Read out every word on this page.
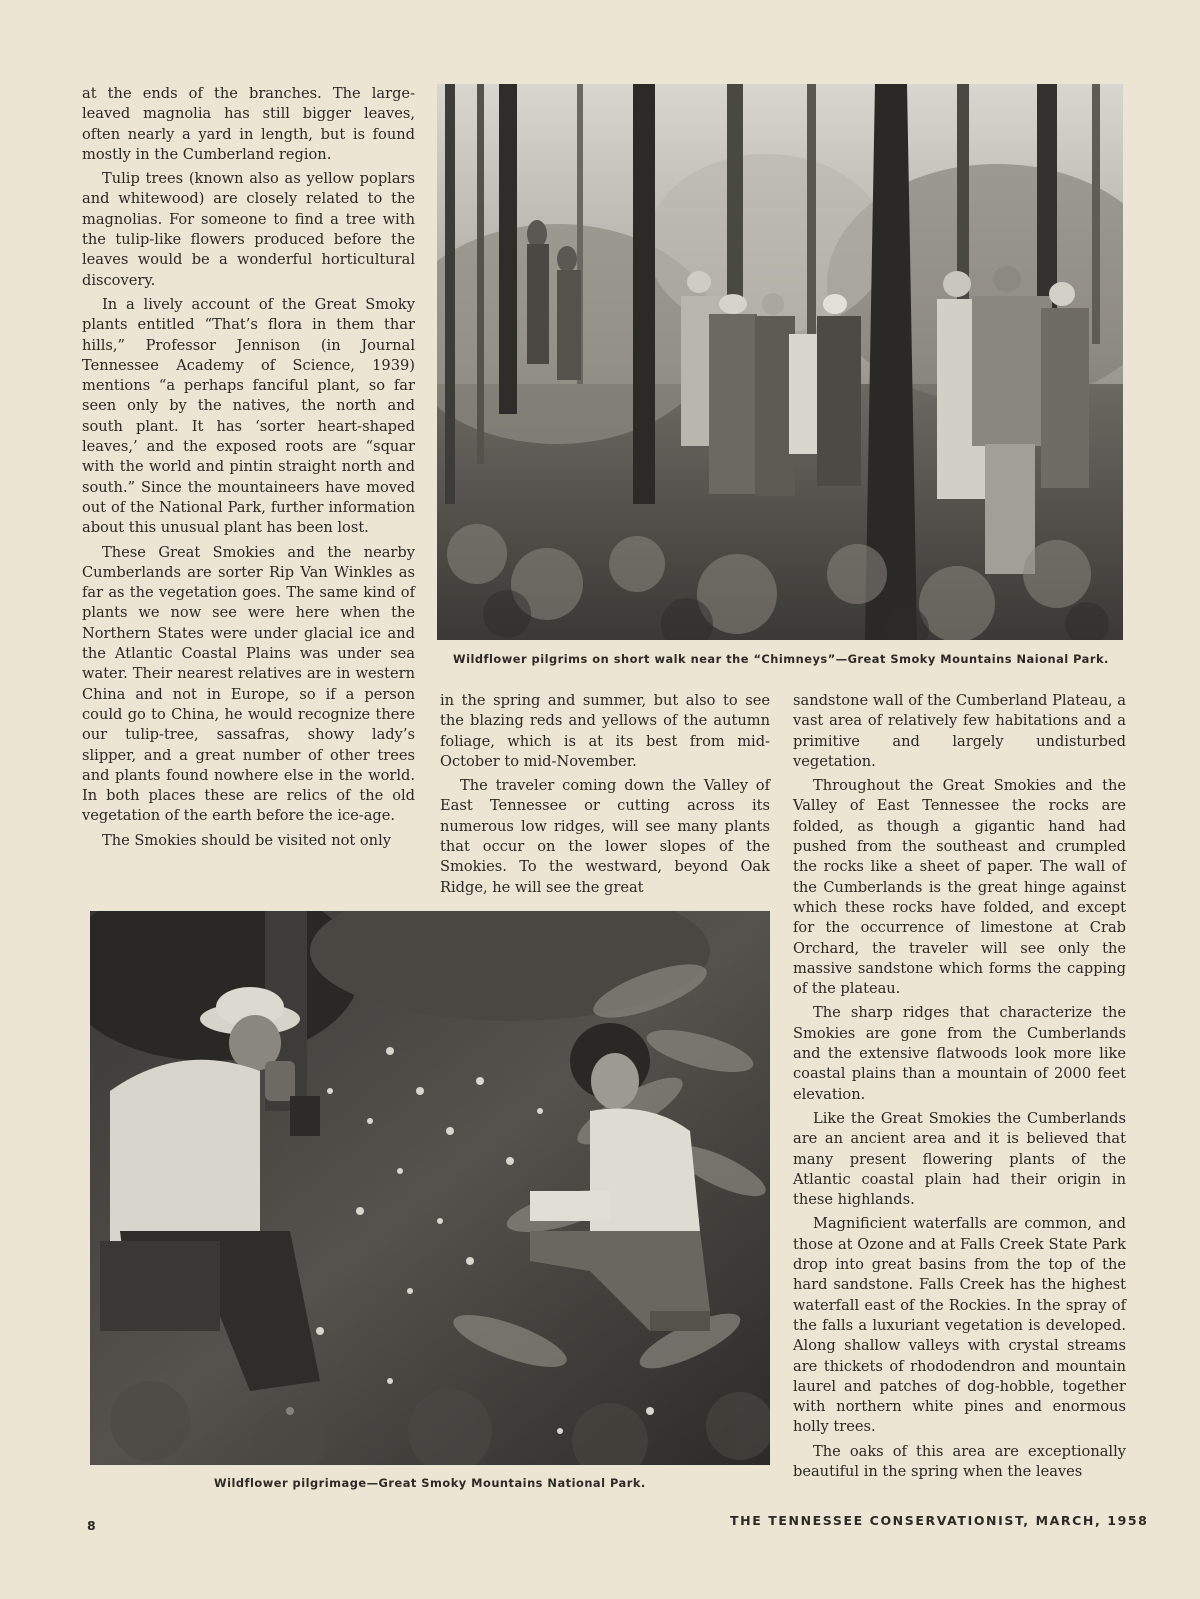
at the ends of the branches. The large-leaved magnolia has still bigger leaves, often nearly a yard in length, but is found mostly in the Cumberland region.

Tulip trees (known also as yellow poplars and whitewood) are closely related to the magnolias. For someone to find a tree with the tulip-like flowers produced before the leaves would be a wonderful horticultural discovery.

In a lively account of the Great Smoky plants entitled “That’s flora in them thar hills,” Professor Jennison (in Journal Tennessee Academy of Science, 1939) mentions “a perhaps fanciful plant, so far seen only by the natives, the north and south plant. It has ‘sorter heart-shaped leaves,’ and the exposed roots are “squar with the world and pintin straight north and south.” Since the mountaineers have moved out of the National Park, further information about this unusual plant has been lost.

These Great Smokies and the nearby Cumberlands are sorter Rip Van Winkles as far as the vegetation goes. The same kind of plants we now see were here when the Northern States were under glacial ice and the Atlantic Coastal Plains was under sea water. Their nearest relatives are in western China and not in Europe, so if a person could go to China, he would recognize there our tulip-tree, sassafras, showy lady’s slipper, and a great number of other trees and plants found nowhere else in the world. In both places these are relics of the old vegetation of the earth before the ice-age.

The Smokies should be visited not only

Wildflower pilgrims on short walk near the “Chimneys”—Great Smoky Mountains Naional Park.

in the spring and summer, but also to see the blazing reds and yellows of the autumn foliage, which is at its best from mid-October to mid-November.

The traveler coming down the Valley of East Tennessee or cutting across its numerous low ridges, will see many plants that occur on the lower slopes of the Smokies. To the westward, beyond Oak Ridge, he will see the great

sandstone wall of the Cumberland Plateau, a vast area of relatively few habitations and a primitive and largely undisturbed vegetation.

Throughout the Great Smokies and the Valley of East Tennessee the rocks are folded, as though a gigantic hand had pushed from the southeast and crumpled the rocks like a sheet of paper. The wall of the Cumberlands is the great hinge against which these rocks have folded, and except for the occurrence of limestone at Crab Orchard, the traveler will see only the massive sandstone which forms the capping of the plateau.

The sharp ridges that characterize the Smokies are gone from the Cumberlands and the extensive flatwoods look more like coastal plains than a mountain of 2000 feet elevation.

Like the Great Smokies the Cumberlands are an ancient area and it is believed that many present flowering plants of the Atlantic coastal plain had their origin in these highlands.

Magnificient waterfalls are common, and those at Ozone and at Falls Creek State Park drop into great basins from the top of the hard sandstone. Falls Creek has the highest waterfall east of the Rockies. In the spray of the falls a luxuriant vegetation is developed. Along shallow valleys with crystal streams are thickets of rhododendron and mountain laurel and patches of dog-hobble, together with northern white pines and enormous holly trees.

The oaks of this area are exceptionally beautiful in the spring when the leaves

Wildflower pilgrimage—Great Smoky Mountains National Park.
8	THE TENNESSEE CONSERVATIONIST, MARCH, 1958
